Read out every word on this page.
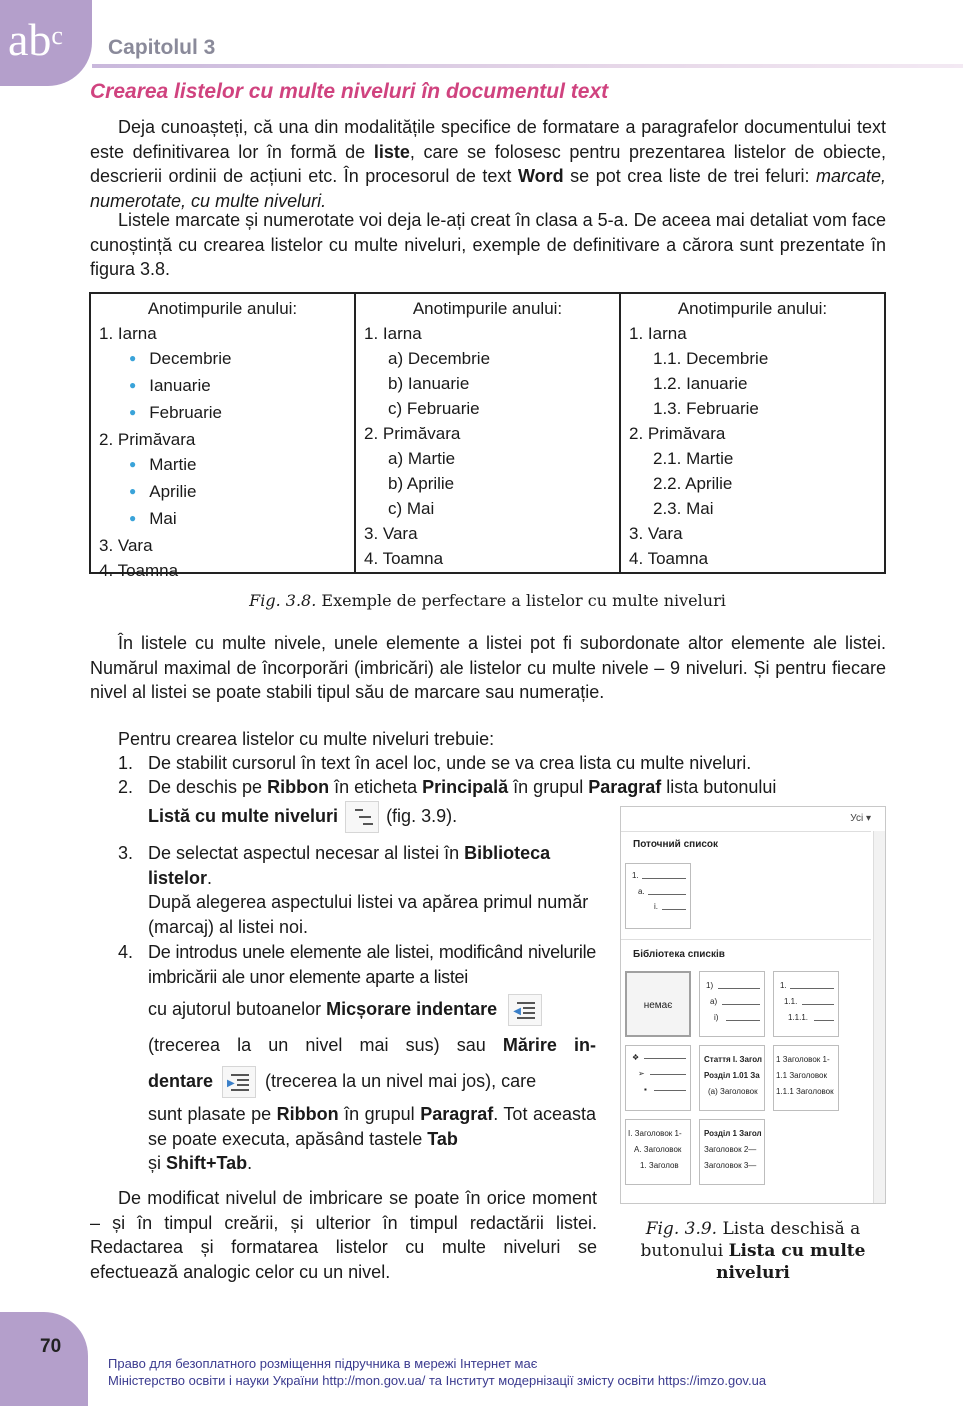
$ab^c$ Capitolul 3
Crearea listelor cu multe niveluri în documentul text

Deja cunoașteți, că una din modalitățile specifice de formatare a paragrafelor documentului text este definitivarea lor în formă de liste, care se folosesc pentru prezentarea listelor de obiecte, descrierii ordinii de acțiuni etc. În procesorul de text Word se pot crea liste de trei feluri: marcate, numerotate, cu multe niveluri.

Listele marcate și numerotate voi deja le-ați creat în clasa a 5-a. De aceea mai detaliat vom face cunoștință cu crearea listelor cu multe niveluri, exemple de definitivare a cărora sunt prezentate în figura 3.8.

Anotimpurile anului:
1. Iarna
● Decembrie
● Ianuarie
● Februarie
2. Primăvara
● Martie
● Aprilie
● Mai
3. Vara
4. Toamna
Anotimpurile anului:
1. Iarna
a) Decembrie
b) Ianuarie
c) Februarie
2. Primăvara
a) Martie
b) Aprilie
c) Mai
3. Vara
4. Toamna
Anotimpurile anului:
1. Iarna
1.1. Decembrie
1.2. Ianuarie
1.3. Februarie
2. Primăvara
2.1. Martie
2.2. Aprilie
2.3. Mai
3. Vara
4. Toamna
Fig. 3.8. Exemple de perfectare a listelor cu multe niveluri

În listele cu multe nivele, unele elemente a listei pot fi subordonate altor elemente ale listei. Numărul maximal de încorporări (imbricări) ale listelor cu multe nivele – 9 niveluri. Și pentru fiecare nivel al listei se poate stabili tipul său de marcare sau numerație.

Pentru crearea listelor cu multe niveluri trebuie:

1. De stabilit cursorul în text în acel loc, unde se va crea lista cu multe niveluri.
2. De deschis pe Ribbon în eticheta Principală în grupul Paragraf lista butonului
Listă cu multe niveluri
(fig. 3.9).
3. De selectat aspectul necesar al listei în Biblioteca listelor.
După alegerea aspectului listei va apărea primul număr (marcaj) al listei noi.
4. De introdus unele elemente ale listei, modificând nivelurile imbricării ale unor elemente aparte a listei
cu ajutorul butoanelor Micșorare indentare ◀
(trecerea la un nivel mai sus) sau Mărire in-
dentare ▶ (trecerea la un nivel mai jos), care
sunt plasate pe Ribbon în grupul Paragraf. Tot aceasta se poate executa, apăsând tastele Tab
și Shift+Tab.

De modificat nivelul de imbricare se poate în orice moment – și în timpul creării, și ulterior în timpul redactării listei. Redactarea și formatarea listelor cu multe niveluri se efectuează analogic celor cu un nivel.

Усі ▾
Поточний список
1.
a.
i.
Бібліотека списків
немає
1)
a)
i)
1.
1.1.
1.1.1.
❖
➢
▪
Стаття I. Загол
Розділ 1.01 За
(a) Заголовок
1 Заголовок 1-
1.1 Заголовок
1.1.1 Заголовок
I. Заголовок 1-
A. Заголовок
1. Заголов
Розділ 1 Загол
Заголовок 2—
Заголовок 3—
Fig. 3.9. Lista deschisă a butonului Lista cu multe niveluri
70
Право для безоплатного розміщення підручника в мережі Інтернет має
Міністерство освіти і науки України http://mon.gov.ua/ та Інститут модернізації змісту освіти https://imzo.gov.ua
